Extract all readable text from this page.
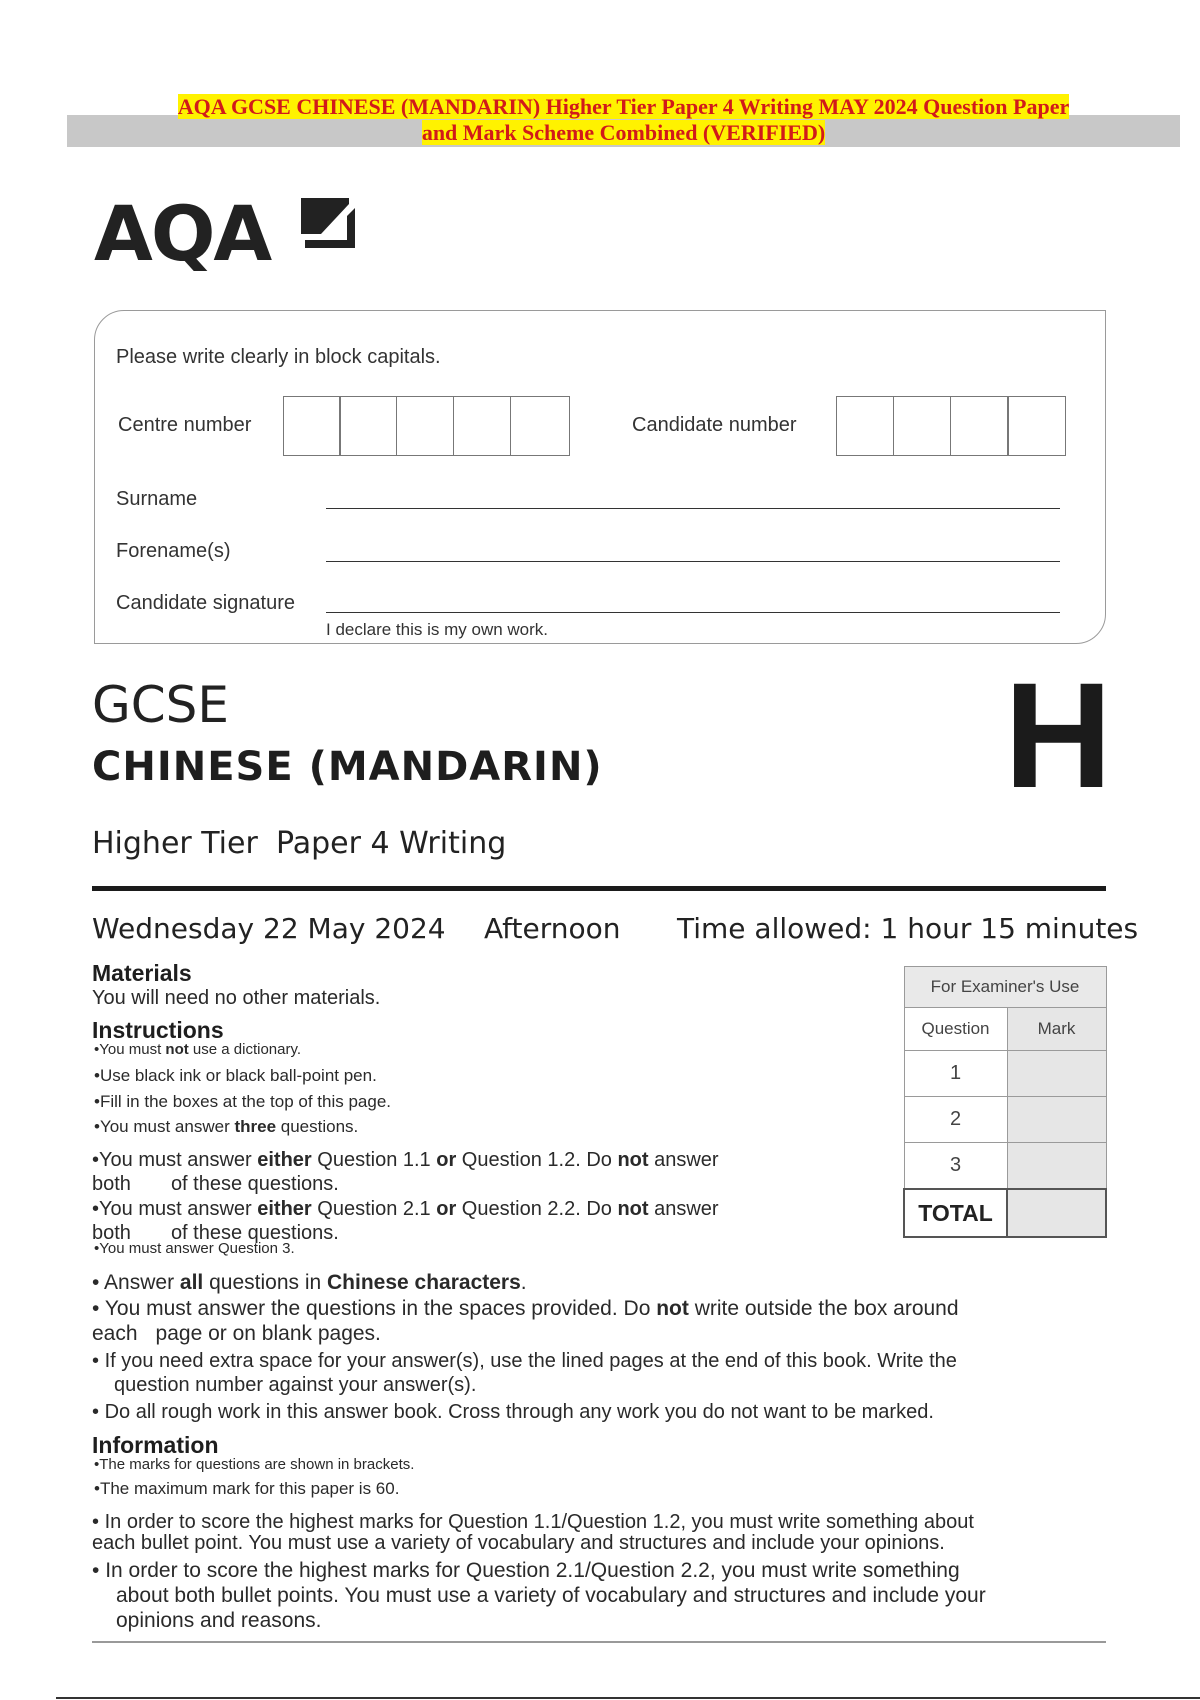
AQA GCSE CHINESE (MANDARIN) Higher Tier Paper 4 Writing MAY 2024 Question Paper
and Mark Scheme Combined (VERIFIED)
AQA
Please write clearly in block capitals.
Centre number	Candidate number
Surname
Forename(s)
Candidate signature
I declare this is my own work.
GCSE
CHINESE (MANDARIN)
Higher Tier Paper 4 Writing
H
Wednesday 22 May 2024 Afternoon Time allowed: 1 hour 15 minutes
Materials
You will need no other materials.
Instructions
• You must not use a dictionary.
• Use black ink or black ball-point pen.
• Fill in the boxes at the top of this page.
• You must answer three questions.
• You must answer either Question 1.1 or Question 1.2. Do not answer
both of these questions.
• You must answer either Question 2.1 or Question 2.2. Do not answer
both of these questions.
• You must answer Question 3.
• Answer all questions in Chinese characters.
• You must answer the questions in the spaces provided. Do not write outside the box around
each page or on blank pages.
• If you need extra space for your answer(s), use the lined pages at the end of this book. Write the
question number against your answer(s).
• Do all rough work in this answer book. Cross through any work you do not want to be marked.
Information
• The marks for questions are shown in brackets.
• The maximum mark for this paper is 60.
• In order to score the highest marks for Question 1.1/Question 1.2, you must write something about
each bullet point. You must use a variety of vocabulary and structures and include your opinions.
• In order to score the highest marks for Question 2.1/Question 2.2, you must write something
about both bullet points. You must use a variety of vocabulary and structures and include your
opinions and reasons.
For Examiner's Use	
Question	Mark
1	
2	
3	
TOTAL	
